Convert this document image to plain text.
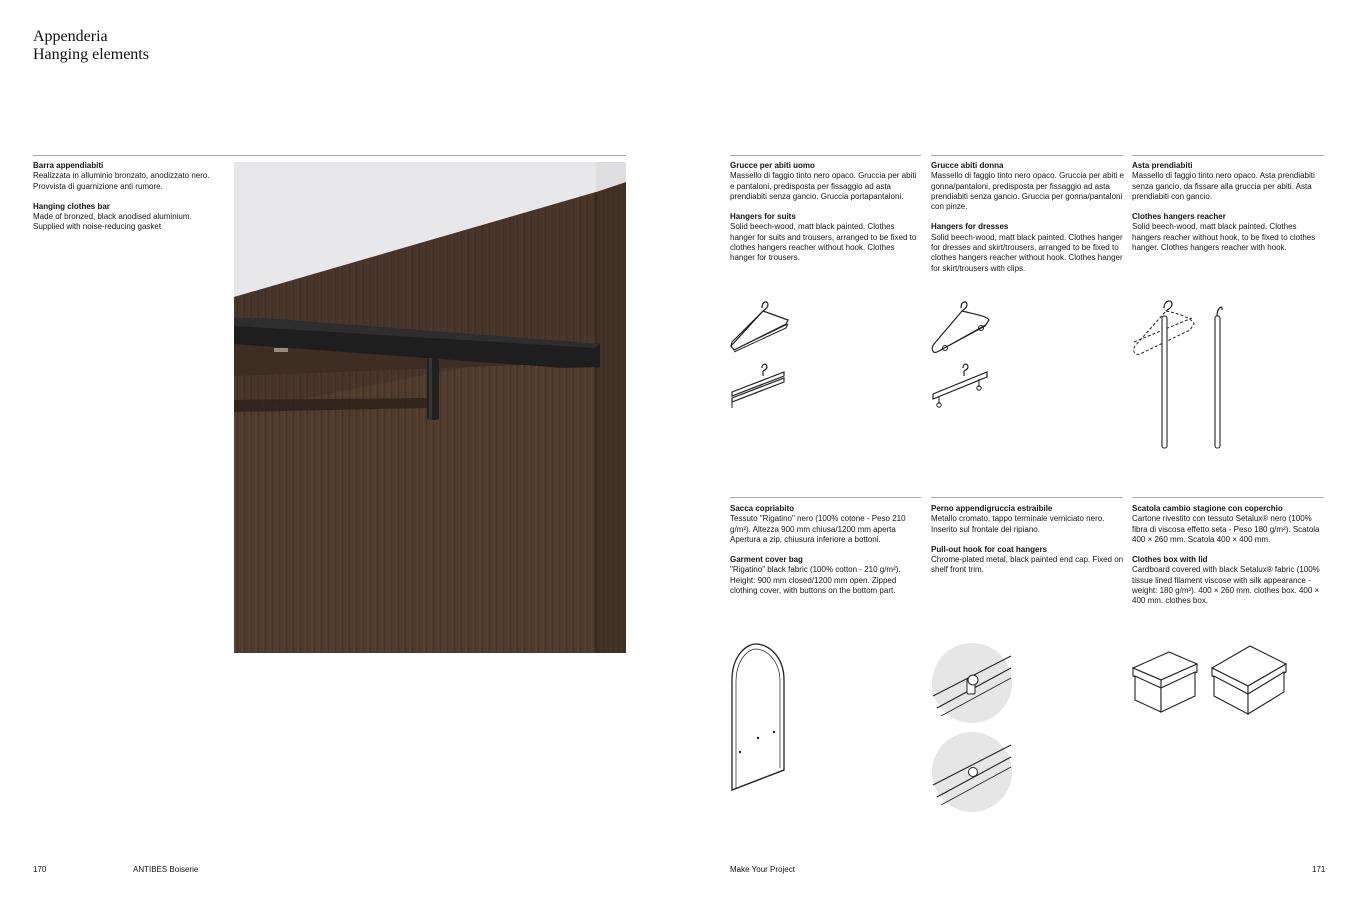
Appenderia
Hanging elements
Barra appendiabiti
Realizzata in alluminio bronzato, anodizzato nero. Provvista di guarnizione anti rumore.
Hanging clothes bar
Made of bronzed, black anodised aluminium. Supplied with noise-reducing gasket
Grucce per abiti uomo
Massello di faggio tinto nero opaco. Gruccia per abiti e pantaloni, predisposta per fissaggio ad asta prendiabiti senza gancio. Gruccia portapantaloni.
Hangers for suits
Solid beech-wood, matt black painted. Clothes hanger for suits and trousers, arranged to be fixed to clothes hangers reacher without hook. Clothes hanger for trousers.
Grucce abiti donna
Massello di faggio tinto nero opaco. Gruccia per abiti e gonna/pantaloni, predisposta per fissaggio ad asta prendiabiti senza gancio. Gruccia per gonna/pantaloni con pinze.
Hangers for dresses
Solid beech-wood, matt black painted. Clothes hanger for dresses and skirt/trousers, arranged to be fixed to clothes hangers reacher without hook. Clothes hanger for skirt/trousers with clips.
Asta prendiabiti
Massello di faggio tinto nero opaco. Asta prendiabiti senza gancio, da fissare alla gruccia per abiti. Asta prendiabiti con gancio.
Clothes hangers reacher
Solid beech-wood, matt black painted. Clothes hangers reacher without hook, to be fixed to clothes hanger. Clothes hangers reacher with hook.
Sacca copriabito
Tessuto "Rigatino" nero (100% cotone - Peso 210 g/m²). Altezza 900 mm chiusa/1200 mm aperta Apertura a zip, chiusura inferiore a bottoni.
Garment cover bag
"Rigatino" black fabric (100% cotton - 210 g/m²). Height: 900 mm closed/1200 mm open. Zipped clothing cover, with buttons on the bottom part.
Perno appendigruccia estraibile
Metallo cromato, tappo terminale verniciato nero. Inserito sul frontale del ripiano.
Pull-out hook for coat hangers
Chrome-plated metal, black painted end cap. Fixed on shelf front trim.
Scatola cambio stagione con coperchio
Cartone rivestito con tessuto Setalux® nero (100% fibra di viscosa effetto seta - Peso 180 g/m²). Scatola 400 × 260 mm. Scatola 400 × 400 mm.
Clothes box with lid
Cardboard covered with black Setalux® fabric (100% tissue lined filament viscose with silk appearance - weight: 180 g/m²). 400 × 260 mm. clothes box. 400 × 400 mm. clothes box.
170	ANTIBES Boiserie	Make Your Project	171
